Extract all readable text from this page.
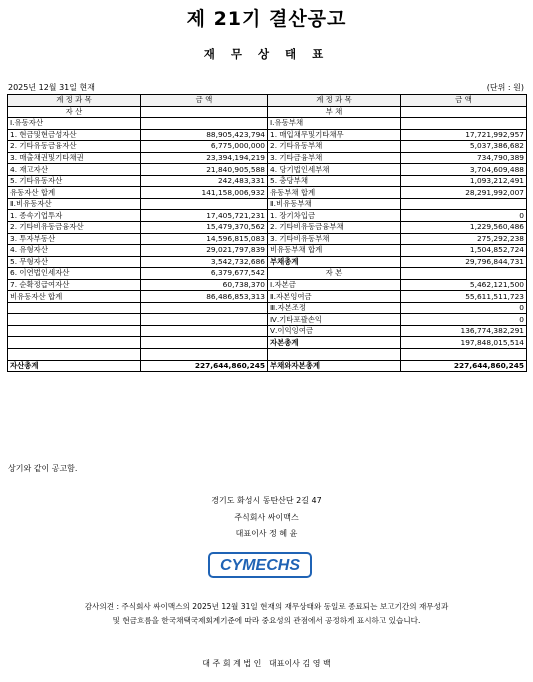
제 21기 결산공고
재 무 상 태 표
2025년 12월 31일 현재	(단위 : 원)
계 정 과 목	금 액	계 정 과 목	금 액
자 산		부 채	
Ⅰ.유동자산		Ⅰ.유동부채	
1. 현금및현금성자산	88,905,423,794	1. 매입채무및기타채무	17,721,992,957
2. 기타유동금융자산	6,775,000,000	2. 기타유동부채	5,037,386,682
3. 매출채권및기타채권	23,394,194,219	3. 기타금융부채	734,790,389
4. 재고자산	21,840,905,588	4. 당기법인세부채	3,704,609,488
5. 기타유동자산	242,483,331	5. 충당부채	1,093,212,491
유동자산 합계	141,158,006,932	유동부채 합계	28,291,992,007
Ⅱ.비유동자산		Ⅱ.비유동부채	
1. 종속기업투자	17,405,721,231	1. 장기차입금	0
2. 기타비유동금융자산	15,479,370,562	2. 기타비유동금융부채	1,229,560,486
3. 투자부동산	14,596,815,083	3. 기타비유동부채	275,292,238
4. 유형자산	29,021,797,839	비유동부채 합계	1,504,852,724
5. 무형자산	3,542,732,686	부채총계	29,796,844,731
6. 이연법인세자산	6,379,677,542	자 본	
7. 순확정급여자산	60,738,370	Ⅰ.자본금	5,462,121,500
비유동자산 합계	86,486,853,313	Ⅱ.자본잉여금	55,611,511,723
		Ⅲ.자본조정	0
		Ⅳ.기타포괄손익	0
		Ⅴ.이익잉여금	136,774,382,291
		자본총계	197,848,015,514

자산총계	227,644,860,245	부채와자본총계	227,644,860,245
상기와 같이 공고함.
경기도 화성시 동탄산단 2길 47
주식회사 싸이맥스
대표이사 정 혜 윤
CYMECHS
감사의견 : 주식회사 싸이맥스의 2025년 12월 31일 현재의 재무상태와 동일로 종료되는 보고기간의 재무성과
및 현금흐름을 한국채택국제회계기준에 따라 중요성의 관점에서 공정하게 표시하고 있습니다.
대 주 회 계 법 인   대표이사 김 영 백
